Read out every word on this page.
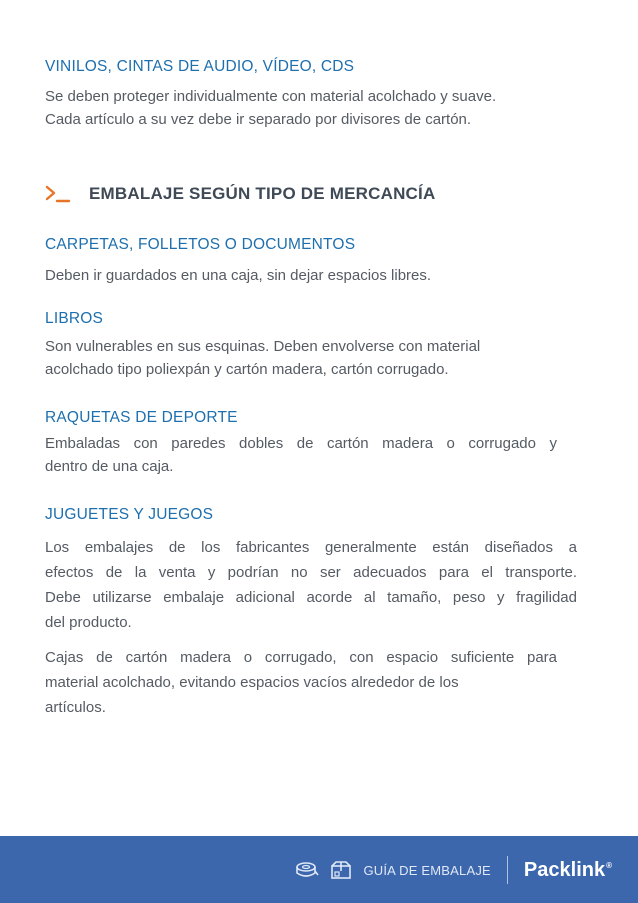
VINILOS, CINTAS DE AUDIO, VÍDEO, CDS
Se deben proteger individualmente con material acolchado y suave.
Cada artículo a su vez debe ir separado por divisores de cartón.
EMBALAJE SEGÚN TIPO DE MERCANCÍA
CARPETAS, FOLLETOS O DOCUMENTOS
Deben ir guardados en una caja, sin dejar espacios libres.
LIBROS
Son vulnerables en sus esquinas. Deben envolverse con material
acolchado tipo poliexpán y cartón madera, cartón corrugado.
RAQUETAS DE DEPORTE
Embaladas con paredes dobles de cartón madera o corrugado y
dentro de una caja.
JUGUETES Y JUEGOS
Los embalajes de los fabricantes generalmente están diseñados a
efectos de la venta y podrían no ser adecuados para el transporte.
Debe utilizarse embalaje adicional acorde al tamaño, peso y fragilidad
del producto.
Cajas de cartón madera o corrugado, con espacio suficiente para
material acolchado, evitando espacios vacíos alrededor de los
artículos.
GUÍA DE EMBALAJE Packlink®
